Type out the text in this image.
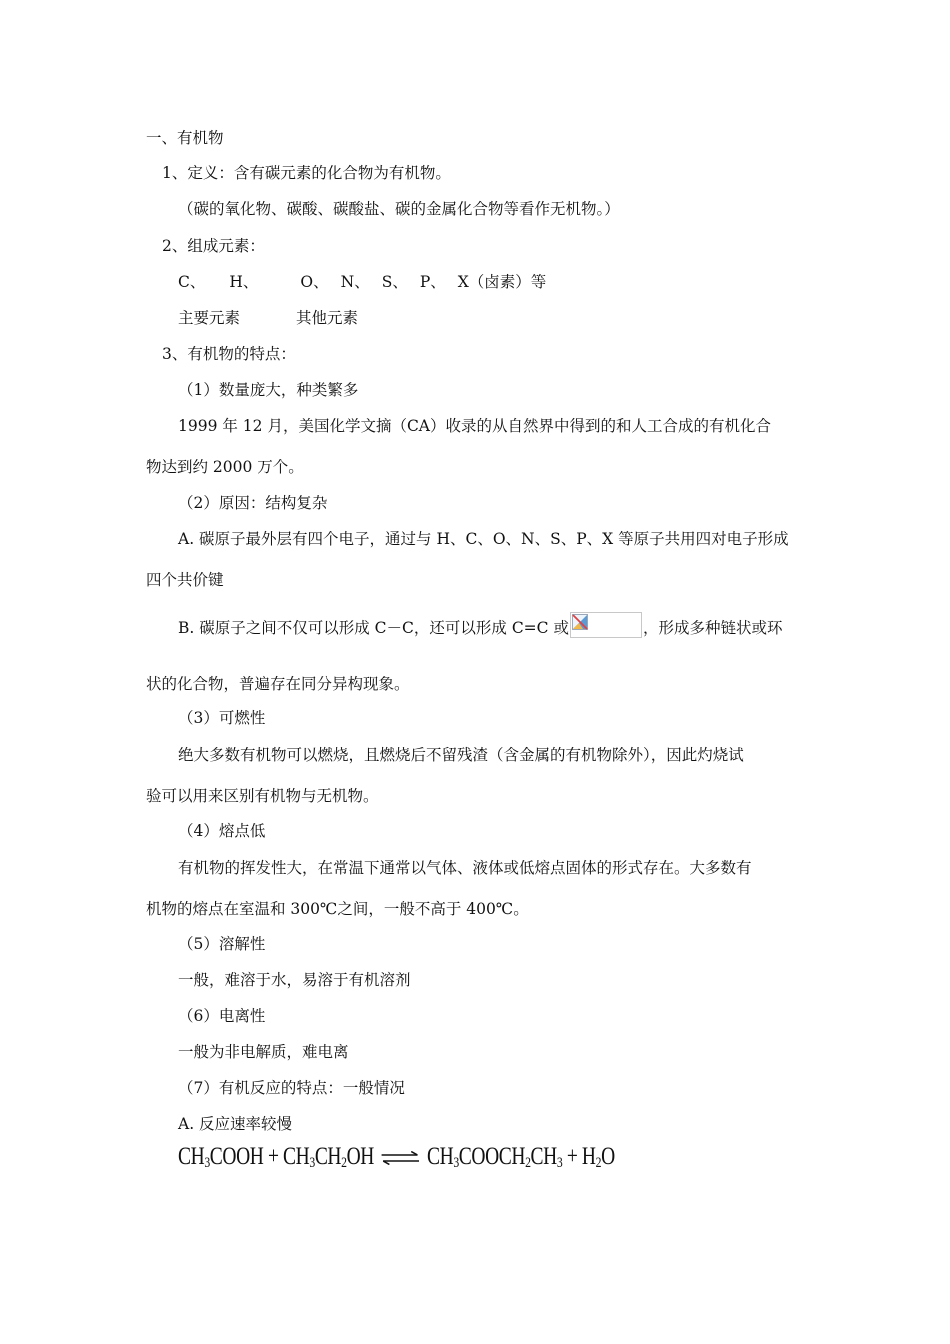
一、有机物
1、定义：含有碳元素的化合物为有机物。
（碳的氧化物、碳酸、碳酸盐、碳的金属化合物等看作无机物。）
2、组成元素：
C、 H、	O、 N、 S、 P、 X（卤素）等
主要元素	其他元素
3、有机物的特点：
（1）数量庞大，种类繁多
1999 年 12 月，美国化学文摘（CA）收录的从自然界中得到的和人工合成的有机化合
物达到约 2000 万个。
（2）原因：结构复杂
A. 碳原子最外层有四个电子，通过与 H、C、O、N、S、P、X 等原子共用四对电子形成
四个共价键
B. 碳原子之间不仅可以形成 C－C，还可以形成 C=C 或	，形成多种链状或环
状的化合物，普遍存在同分异构现象。
（3）可燃性
绝大多数有机物可以燃烧，且燃烧后不留残渣（含金属的有机物除外），因此灼烧试
验可以用来区别有机物与无机物。
（4）熔点低
有机物的挥发性大，在常温下通常以气体、液体或低熔点固体的形式存在。大多数有
机物的熔点在室温和 300℃之间，一般不高于 400℃。
（5）溶解性
一般，难溶于水，易溶于有机溶剂
（6）电离性
一般为非电解质，难电离
（7）有机反应的特点：一般情况
A. 反应速率较慢
$CH_3COOH + CH_3CH_2OH$ ⇌ $CH_3COOCH_2CH_3 + H_2O$
